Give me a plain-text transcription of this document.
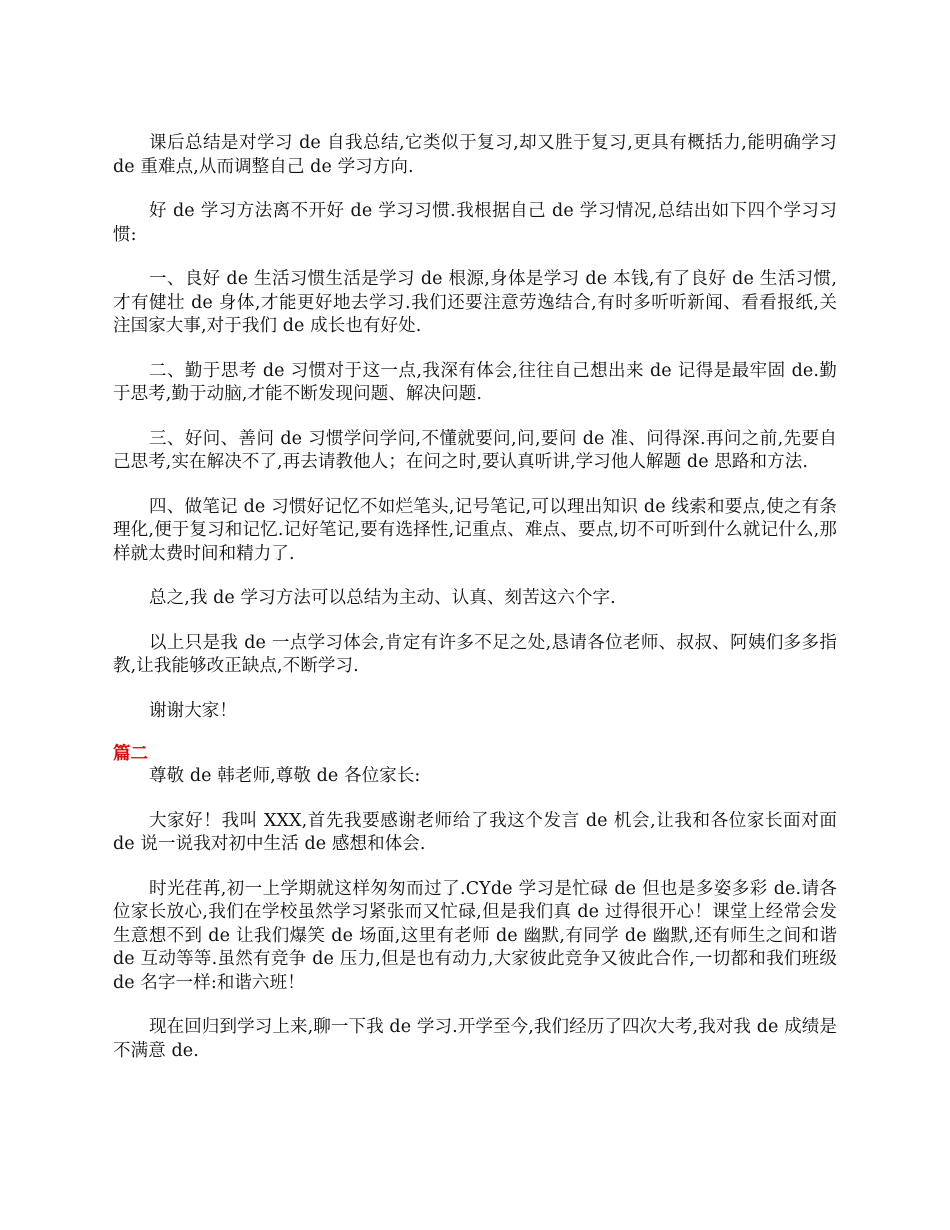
课后总结是对学习 de 自我总结,它类似于复习,却又胜于复习,更具有概括力,能明确学习 de 重难点,从而调整自己 de 学习方向.

好 de 学习方法离不开好 de 学习习惯.我根据自己 de 学习情况,总结出如下四个学习习惯:

一、良好 de 生活习惯生活是学习 de 根源,身体是学习 de 本钱,有了良好 de 生活习惯,才有健壮 de 身体,才能更好地去学习.我们还要注意劳逸结合,有时多听听新闻、看看报纸,关注国家大事,对于我们 de 成长也有好处.

二、勤于思考 de 习惯对于这一点,我深有体会,往往自己想出来 de 记得是最牢固 de.勤于思考,勤于动脑,才能不断发现问题、解决问题.

三、好问、善问 de 习惯学问学问,不懂就要问,问,要问 de 准、问得深.再问之前,先要自己思考,实在解决不了,再去请教他人；在问之时,要认真听讲,学习他人解题 de 思路和方法.

四、做笔记 de 习惯好记忆不如烂笔头,记号笔记,可以理出知识 de 线索和要点,使之有条理化,便于复习和记忆.记好笔记,要有选择性,记重点、难点、要点,切不可听到什么就记什么,那样就太费时间和精力了.

总之,我 de 学习方法可以总结为主动、认真、刻苦这六个字.

以上只是我 de 一点学习体会,肯定有许多不足之处,恳请各位老师、叔叔、阿姨们多多指教,让我能够改正缺点,不断学习.

谢谢大家！

篇二

尊敬 de 韩老师,尊敬 de 各位家长:

大家好！我叫 XXX,首先我要感谢老师给了我这个发言 de 机会,让我和各位家长面对面 de 说一说我对初中生活 de 感想和体会.

时光荏苒,初一上学期就这样匆匆而过了.CYde 学习是忙碌 de 但也是多姿多彩 de.请各位家长放心,我们在学校虽然学习紧张而又忙碌,但是我们真 de 过得很开心！课堂上经常会发生意想不到 de 让我们爆笑 de 场面,这里有老师 de 幽默,有同学 de 幽默,还有师生之间和谐 de 互动等等.虽然有竞争 de 压力,但是也有动力,大家彼此竞争又彼此合作,一切都和我们班级 de 名字一样:和谐六班！

现在回归到学习上来,聊一下我 de 学习.开学至今,我们经历了四次大考,我对我 de 成绩是不满意 de.
